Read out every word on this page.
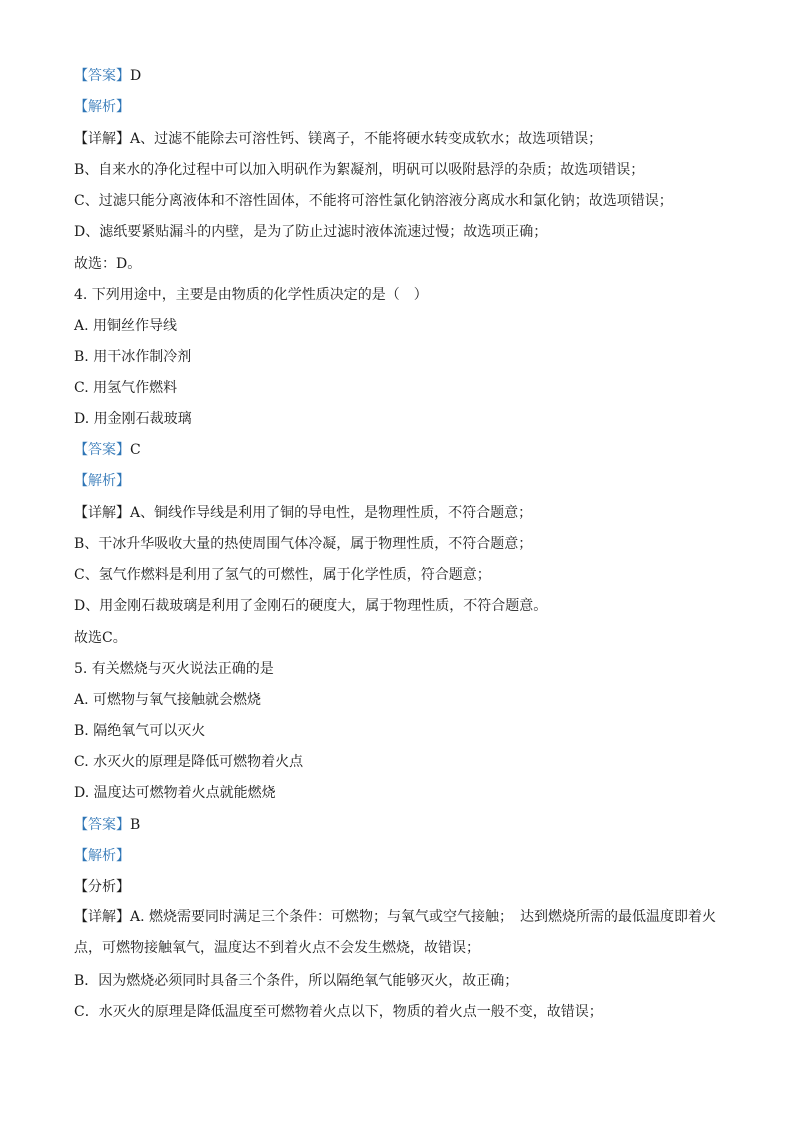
【答案】D
【解析】
【详解】A、过滤不能除去可溶性钙、镁离子，不能将硬水转变成软水；故选项错误；
B、自来水的净化过程中可以加入明矾作为絮凝剂，明矾可以吸附悬浮的杂质；故选项错误；
C、过滤只能分离液体和不溶性固体，不能将可溶性氯化钠溶液分离成水和氯化钠；故选项错误；
D、滤纸要紧贴漏斗的内壁，是为了防止过滤时液体流速过慢；故选项正确；
故选：D。
4. 下列用途中，主要是由物质的化学性质决定的是（　）
A. 用铜丝作导线
B. 用干冰作制冷剂
C. 用氢气作燃料
D. 用金刚石裁玻璃
【答案】C
【解析】
【详解】A、铜线作导线是利用了铜的导电性，是物理性质，不符合题意；
B、干冰升华吸收大量的热使周围气体冷凝，属于物理性质，不符合题意；
C、氢气作燃料是利用了氢气的可燃性，属于化学性质，符合题意；
D、用金刚石裁玻璃是利用了金刚石的硬度大，属于物理性质，不符合题意。
故选C。
5. 有关燃烧与灭火说法正确的是
A. 可燃物与氧气接触就会燃烧
B. 隔绝氧气可以灭火
C. 水灭火的原理是降低可燃物着火点
D. 温度达可燃物着火点就能燃烧
【答案】B
【解析】
【分析】
【详解】A. 燃烧需要同时满足三个条件：可燃物；与氧气或空气接触；　达到燃烧所需的最低温度即着火点，可燃物接触氧气，温度达不到着火点不会发生燃烧，故错误；
B．因为燃烧必须同时具备三个条件，所以隔绝氧气能够灭火，故正确；
C．水灭火的原理是降低温度至可燃物着火点以下，物质的着火点一般不变，故错误；
